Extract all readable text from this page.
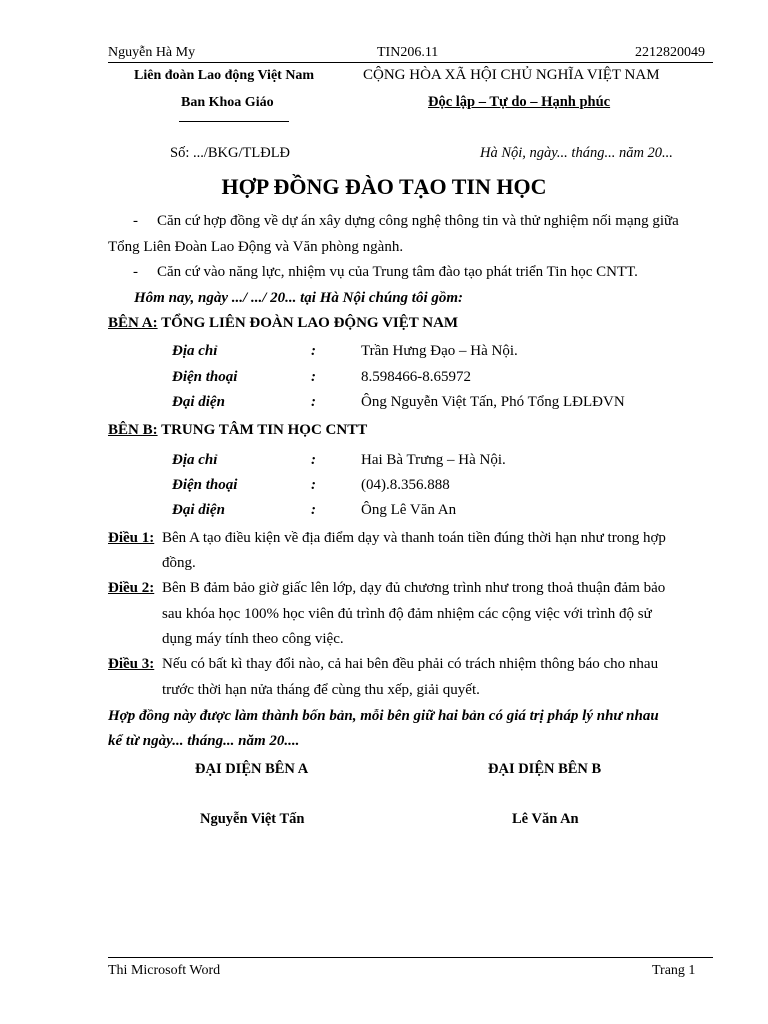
Nguyễn Hà My	TIN206.11	2212820049
Liên đoàn Lao động Việt Nam
Ban Khoa Giáo
CỘNG HÒA XÃ HỘI CHỦ NGHĨA VIỆT NAM
Độc lập – Tự do – Hạnh phúc
Số: .../BKG/TLĐLĐ	Hà Nội, ngày... tháng... năm 20...
HỢP ĐỒNG ĐÀO TẠO TIN HỌC
- Căn cứ hợp đồng về dự án xây dựng công nghệ thông tin và thử nghiệm nối mạng giữa
Tổng Liên Đoàn Lao Động và Văn phòng ngành.
- Căn cứ vào năng lực, nhiệm vụ của Trung tâm đào tạo phát triển Tin học CNTT.
Hôm nay, ngày .../ .../ 20... tại Hà Nội chúng tôi gồm:
BÊN A: TỔNG LIÊN ĐOÀN LAO ĐỘNG VIỆT NAM
Địa chỉ	:	Trần Hưng Đạo – Hà Nội.
Điện thoại	:	8.598466-8.65972
Đại diện	:	Ông Nguyễn Việt Tấn, Phó Tổng LĐLĐVN
BÊN B: TRUNG TÂM TIN HỌC CNTT
Địa chỉ	:	Hai Bà Trưng – Hà Nội.
Điện thoại	:	(04).8.356.888
Đại diện	:	Ông Lê Văn An
Điều 1: Bên A tạo điều kiện về địa điểm dạy và thanh toán tiền đúng thời hạn như trong hợp
đồng.
Điều 2: Bên B đảm bảo giờ giấc lên lớp, dạy đủ chương trình như trong thoả thuận đảm bảo
sau khóa học 100% học viên đủ trình độ đảm nhiệm các cộng việc với trình độ sử
dụng máy tính theo công việc.
Điều 3: Nếu có bất kì thay đổi nào, cả hai bên đều phải có trách nhiệm thông báo cho nhau
trước thời hạn nửa tháng để cùng thu xếp, giải quyết.
Hợp đồng này được làm thành bốn bản, mỗi bên giữ hai bản có giá trị pháp lý như nhau
kể từ ngày... tháng... năm 20....
ĐẠI DIỆN BÊN A	ĐẠI DIỆN BÊN B
Nguyễn Việt Tấn	Lê Văn An
Thi Microsoft Word	Trang 1
